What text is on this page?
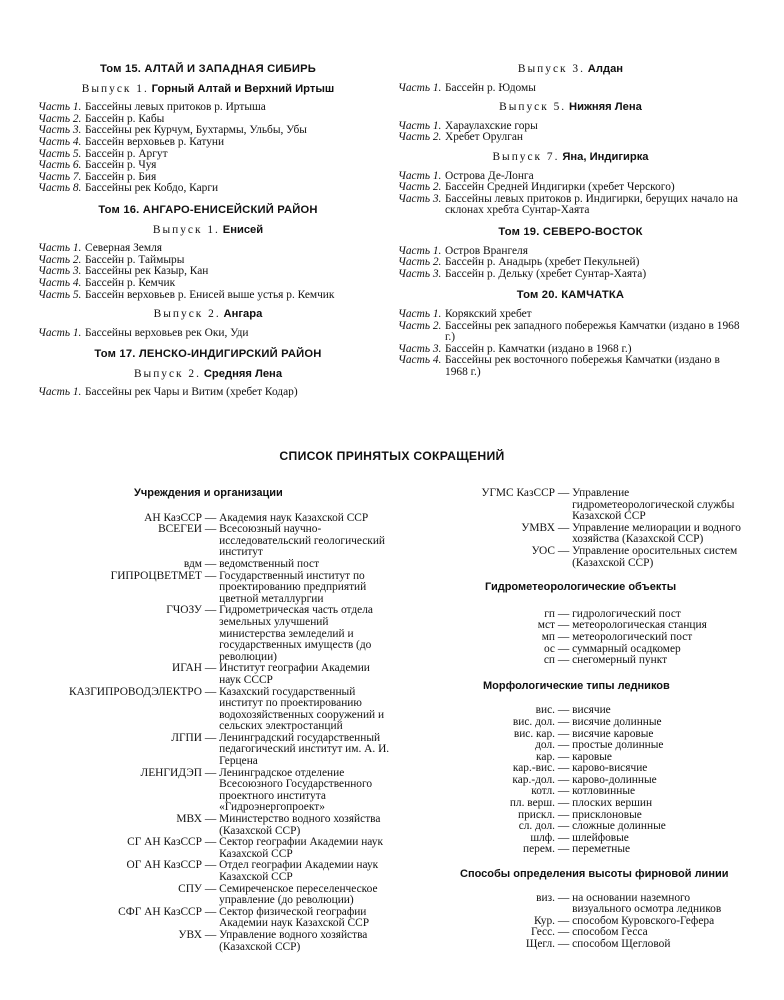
Том 15. АЛТАЙ И ЗАПАДНАЯ СИБИРЬ
Выпуск 1. Горный Алтай и Верхний Иртыш
Часть 1. Бассейны левых притоков р. Иртыша
Часть 2. Бассейн р. Кабы
Часть 3. Бассейны рек Курчум, Бухтармы, Ульбы, Убы
Часть 4. Бассейн верховьев р. Катуни
Часть 5. Бассейн р. Аргут
Часть 6. Бассейн р. Чуя
Часть 7. Бассейн р. Бия
Часть 8. Бассейны рек Кобдо, Карги
Том 16. АНГАРО-ЕНИСЕЙСКИЙ РАЙОН
Выпуск 1. Енисей
Часть 1. Северная Земля
Часть 2. Бассейн р. Таймыры
Часть 3. Бассейны рек Казыр, Кан
Часть 4. Бассейн р. Кемчик
Часть 5. Бассейн верховьев р. Енисей выше устья р. Кемчик
Выпуск 2. Ангара
Часть 1. Бассейны верховьев рек Оки, Уди
Том 17. ЛЕНСКО-ИНДИГИРСКИЙ РАЙОН
Выпуск 2. Средняя Лена
Часть 1. Бассейны рек Чары и Витим (хребет Кодар)
Выпуск 3. Алдан
Часть 1. Бассейн р. Юдомы
Выпуск 5. Нижняя Лена
Часть 1. Хараулахские горы
Часть 2. Хребет Орулган
Выпуск 7. Яна, Индигирка
Часть 1. Острова Де-Лонга
Часть 2. Бассейн Средней Индигирки (хребет Черского)
Часть 3. Бассейны левых притоков р. Индигирки, берущих начало на склонах хребта Сунтар-Хаята
Том 19. СЕВЕРО-ВОСТОК
Часть 1. Остров Врангеля
Часть 2. Бассейн р. Анадырь (хребет Пекульней)
Часть 3. Бассейн р. Дельку (хребет Сунтар-Хаята)
Том 20. КАМЧАТКА
Часть 1. Корякский хребет
Часть 2. Бассейны рек западного побережья Камчатки (издано в 1968 г.)
Часть 3. Бассейн р. Камчатки (издано в 1968 г.)
Часть 4. Бассейны рек восточного побережья Камчатки (издано в 1968 г.)
СПИСОК ПРИНЯТЫХ СОКРАЩЕНИЙ
Учреждения и организации
АН КазССР — Академия наук Казахской ССР
ВСЕГЕИ — Всесоюзный научно-исследовательский геологический институт
вдм — ведомственный пост
ГИПРОЦВЕТМЕТ — Государственный институт по проектированию предприятий цветной металлургии
ГЧОЗУ — Гидрометрическая часть отдела земельных улучшений министерства земледелий и государственных имуществ (до революции)
ИГАН — Институт географии Академии наук СССР
КАЗГИПРОВОДЭЛЕКТРО — Казахский государственный институт по проектированию водохозяйственных сооружений и сельских электростанций
ЛГПИ — Ленинградский государственный педагогический институт им. А. И. Герцена
ЛЕНГИДЭП — Ленинградское отделение Всесоюзного Государственного проектного института «Гидроэнергопроект»
МВХ — Министерство водного хозяйства (Казахской ССР)
СГ АН КазССР — Сектор географии Академии наук Казахской ССР
ОГ АН КазССР — Отдел географии Академии наук Казахской ССР
СПУ — Семиреченское переселенческое управление (до революции)
СФГ АН КазССР — Сектор физической географии Академии наук Казахской ССР
УВХ — Управление водного хозяйства (Казахской ССР)
УГМС КазССР — Управление гидрометеорологической службы Казахской ССР
УМВХ — Управление мелиорации и водного хозяйства (Казахской ССР)
УОС — Управление оросительных систем (Казахской ССР)
Гидрометеорологические объекты
гп — гидрологический пост
мст — метеорологическая станция
мп — метеорологический пост
ос — суммарный осадкомер
сп — снегомерный пункт
Морфологические типы ледников
вис. — висячие
вис. дол. — висячие долинные
вис. кар. — висячие каровые
дол. — простые долинные
кар. — каровые
кар.-вис. — карово-висячие
кар.-дол. — карово-долинные
котл. — котловинные
пл. верш. — плоских вершин
прискл. — присклоновые
сл. дол. — сложные долинные
шлф. — шлейфовые
перем. — переметные
Способы определения высоты фирновой линии
виз. — на основании наземного визуального осмотра ледников
Кур. — способом Куровского-Гефера
Гесс. — способом Гесса
Щегл. — способом Щегловой
